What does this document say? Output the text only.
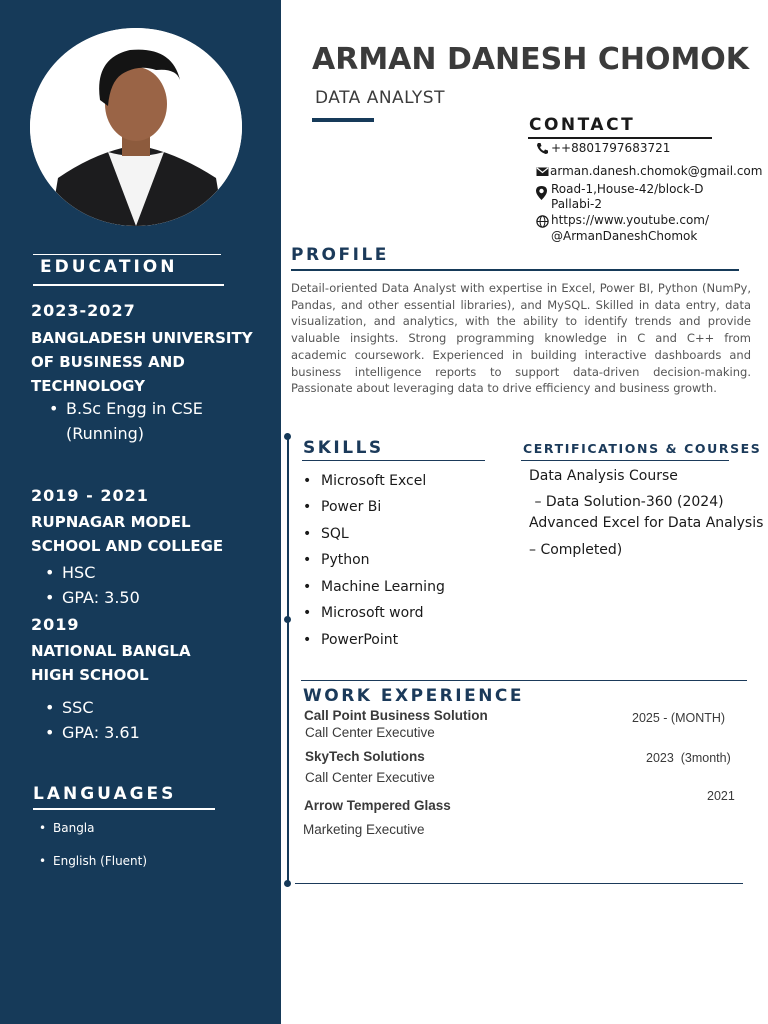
EDUCATION
2023-2027
BANGLADESH UNIVERSITY
OF BUSINESS AND
TECHNOLOGY
• B.Sc Engg in CSE
(Running)
2019 - 2021
RUPNAGAR MODEL
SCHOOL AND COLLEGE
• HSC
• GPA: 3.50
2019
NATIONAL BANGLA
HIGH SCHOOL
• SSC
• GPA: 3.61
LANGUAGES
• Bangla
• English (Fluent)
ARMAN DANESH CHOMOK
DATA ANALYST
CONTACT
++8801797683721
arman.danesh.chomok@gmail.com
Road-1,House-42/block-D
Pallabi-2
https://www.youtube.com/
@ArmanDaneshChomok
PROFILE
Detail-oriented Data Analyst with expertise in Excel, Power BI, Python (NumPy, Pandas, and other essential libraries), and MySQL. Skilled in data entry, data visualization, and analytics, with the ability to identify trends and provide valuable insights. Strong programming knowledge in C and C++ from academic coursework. Experienced in building interactive dashboards and business intelligence reports to support data-driven decision-making. Passionate about leveraging data to drive efficiency and business growth.
SKILLS
• Microsoft Excel
• Power Bi
• SQL
• Python
• Machine Learning
• Microsoft word
• PowerPoint
CERTIFICATIONS & COURSES
Data Analysis Course
– Data Solution-360 (2024)
Advanced Excel for Data Analysis
– Completed)
WORK EXPERIENCE
Call Point Business Solution
Call Center Executive
2025 - (MONTH)
SkyTech Solutions
Call Center Executive
2023  (3month)
Arrow Tempered Glass
Marketing Executive
2021
